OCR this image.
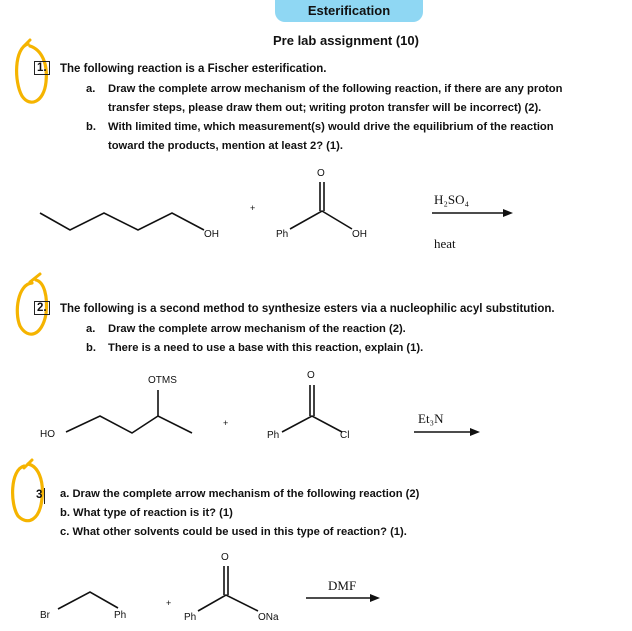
Esterification
Pre lab assignment (10)
1. The following reaction is a Fischer esterification.
a. Draw the complete arrow mechanism of the following reaction, if there are any proton
transfer steps, please draw them out; writing proton transfer will be incorrect) (2).
b. With limited time, which measurement(s) would drive the equilibrium of the reaction
toward the products, mention at least 2? (1).
OH
+
Ph	OH
O
H₂SO₄
heat
2. The following is a second method to synthesize esters via a nucleophilic acyl substitution.
a. Draw the complete arrow mechanism of the reaction (2).
b. There is a need to use a base with this reaction, explain (1).
OTMS
HO
+
Ph	Cl
O
Et₃N
3 a. Draw the complete arrow mechanism of the following reaction (2)
b. What type of reaction is it? (1)
c. What other solvents could be used in this type of reaction? (1).
Br	Ph
+
Ph	ONa
O
DMF
